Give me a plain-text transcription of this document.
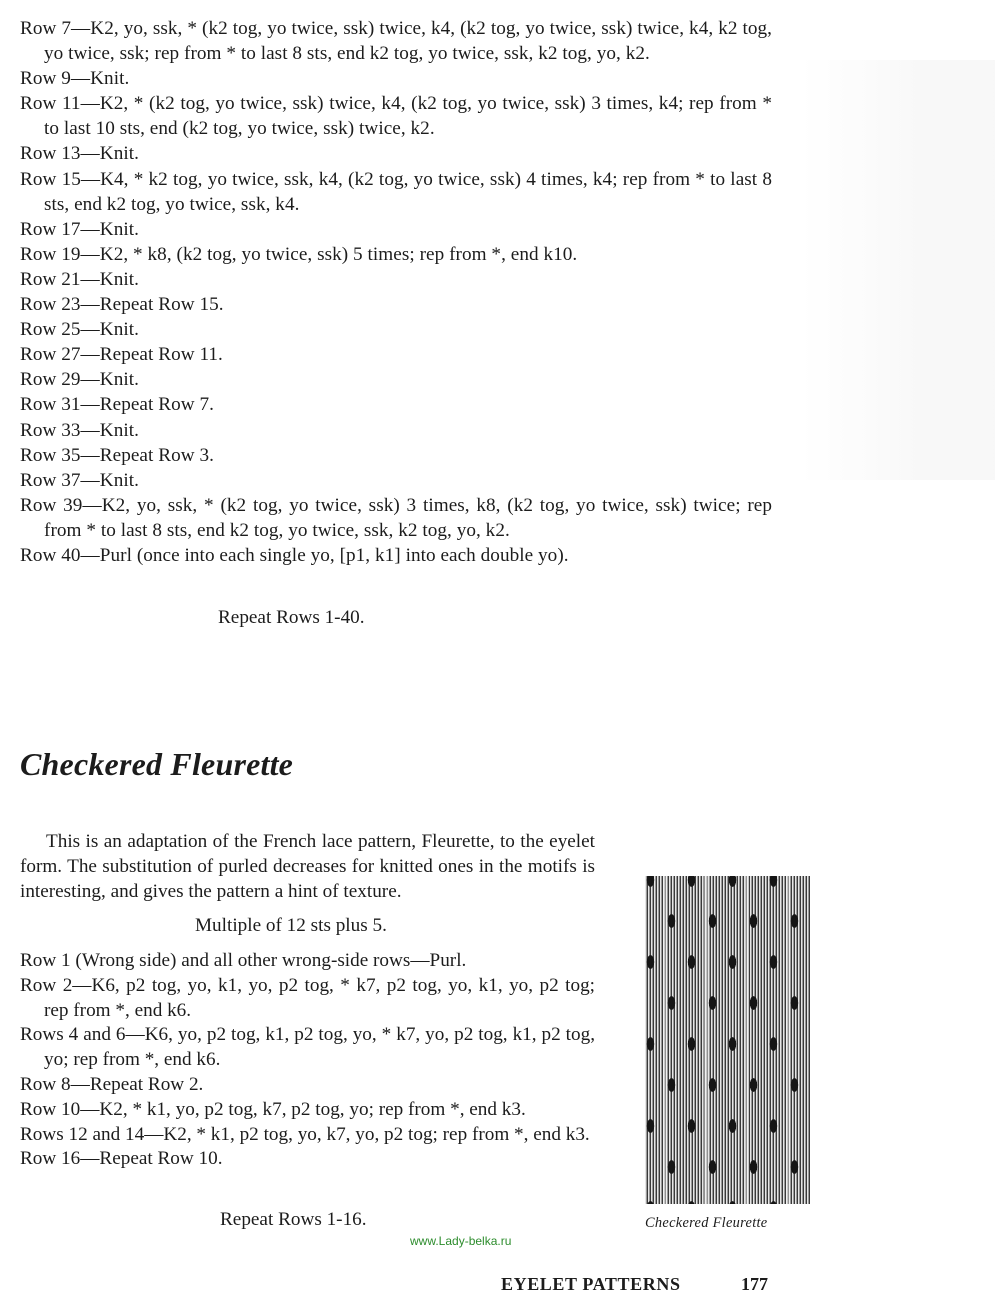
Row 7—K2, yo, ssk, * (k2 tog, yo twice, ssk) twice, k4, (k2 tog, yo twice, ssk) twice, k4, k2 tog, yo twice, ssk; rep from * to last 8 sts, end k2 tog, yo twice, ssk, k2 tog, yo, k2.

Row 9—Knit.

Row 11—K2, * (k2 tog, yo twice, ssk) twice, k4, (k2 tog, yo twice, ssk) 3 times, k4; rep from * to last 10 sts, end (k2 tog, yo twice, ssk) twice, k2.

Row 13—Knit.

Row 15—K4, * k2 tog, yo twice, ssk, k4, (k2 tog, yo twice, ssk) 4 times, k4; rep from * to last 8 sts, end k2 tog, yo twice, ssk, k4.

Row 17—Knit.

Row 19—K2, * k8, (k2 tog, yo twice, ssk) 5 times; rep from *, end k10.

Row 21—Knit.

Row 23—Repeat Row 15.

Row 25—Knit.

Row 27—Repeat Row 11.

Row 29—Knit.

Row 31—Repeat Row 7.

Row 33—Knit.

Row 35—Repeat Row 3.

Row 37—Knit.

Row 39—K2, yo, ssk, * (k2 tog, yo twice, ssk) 3 times, k8, (k2 tog, yo twice, ssk) twice; rep from * to last 8 sts, end k2 tog, yo twice, ssk, k2 tog, yo, k2.

Row 40—Purl (once into each single yo, [p1, k1] into each double yo).

Repeat Rows 1-40.
Checkered Fleurette

This is an adaptation of the French lace pattern, Fleurette, to the eyelet form. The substitution of purled decreases for knitted ones in the motifs is interesting, and gives the pattern a hint of texture.

Multiple of 12 sts plus 5.

Row 1 (Wrong side) and all other wrong-side rows—Purl.

Row 2—K6, p2 tog, yo, k1, yo, p2 tog, * k7, p2 tog, yo, k1, yo, p2 tog; rep from *, end k6.

Rows 4 and 6—K6, yo, p2 tog, k1, p2 tog, yo, * k7, yo, p2 tog, k1, p2 tog, yo; rep from *, end k6.

Row 8—Repeat Row 2.

Row 10—K2, * k1, yo, p2 tog, k7, p2 tog, yo; rep from *, end k3.

Rows 12 and 14—K2, * k1, p2 tog, yo, k7, yo, p2 tog; rep from *, end k3.

Row 16—Repeat Row 10.

Repeat Rows 1-16.	Checkered Fleurette
www.Lady-belka.ru
EYELET PATTERNS	177
